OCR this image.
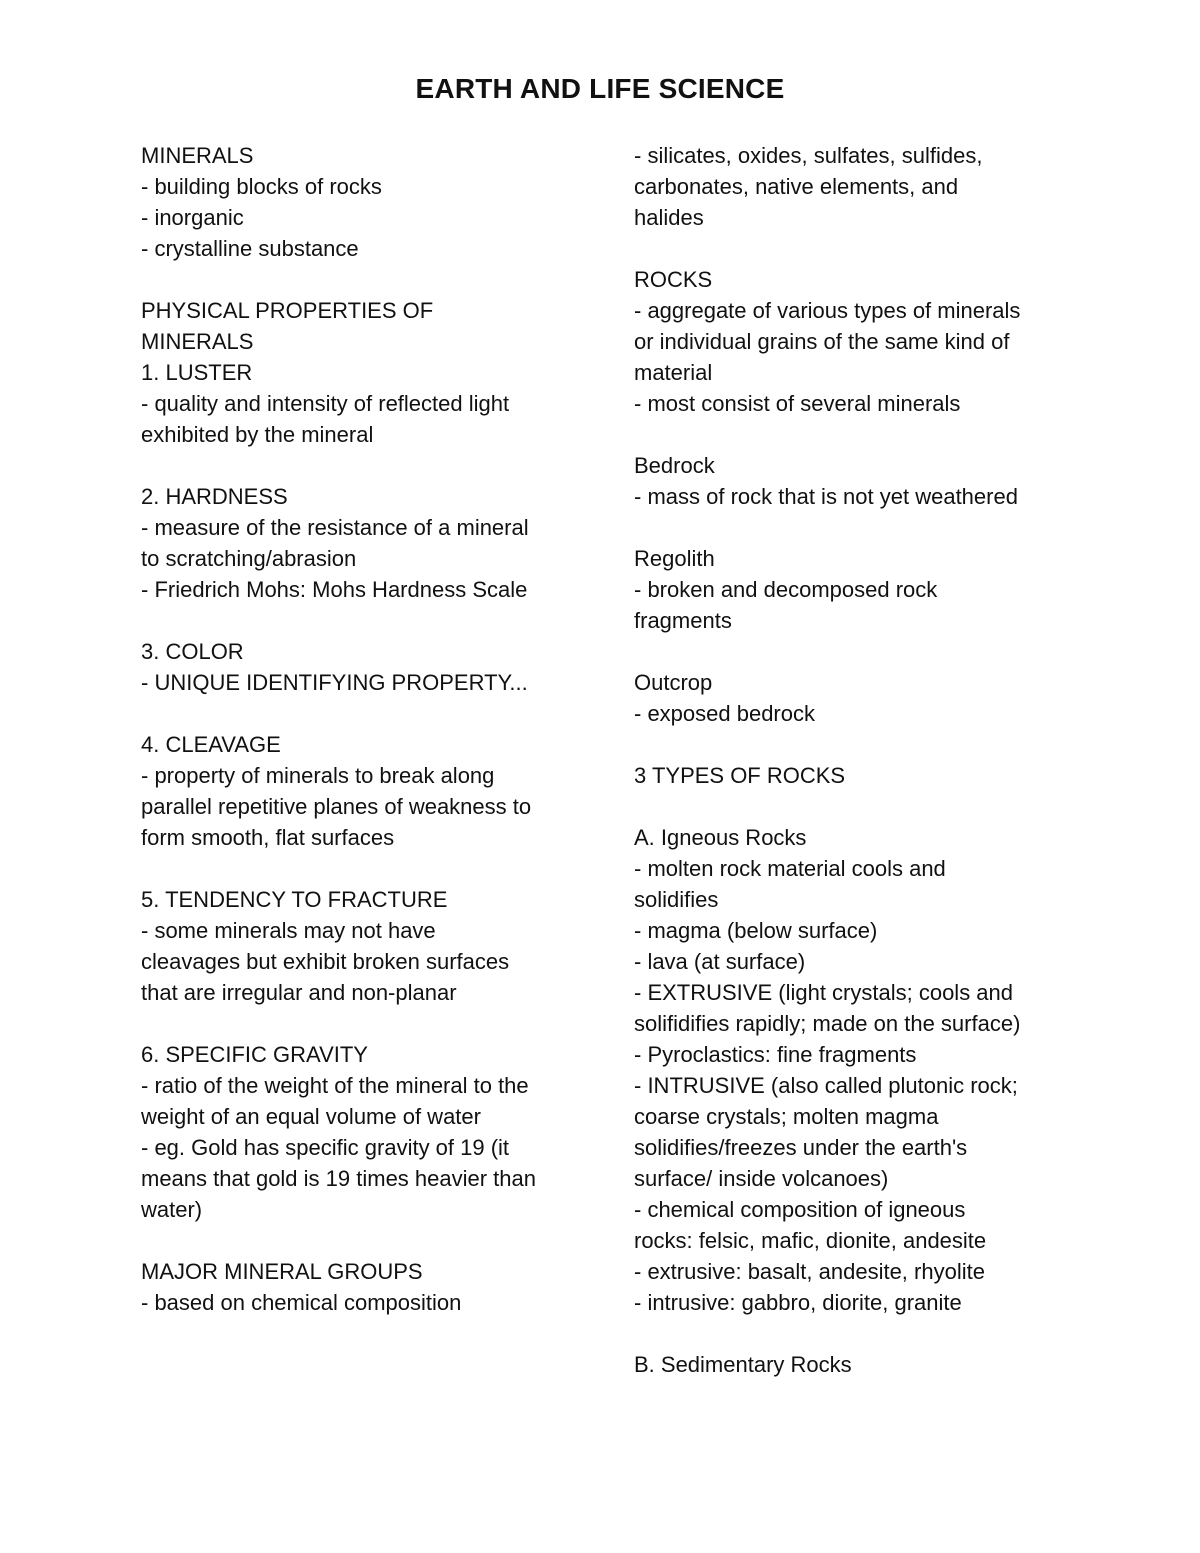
EARTH AND LIFE SCIENCE
MINERALS
- building blocks of rocks
- inorganic
- crystalline substance
PHYSICAL PROPERTIES OF
MINERALS
1. LUSTER
- quality and intensity of reflected light
exhibited by the mineral
2. HARDNESS
- measure of the resistance of a mineral
to scratching/abrasion
- Friedrich Mohs: Mohs Hardness Scale
3. COLOR
- UNIQUE IDENTIFYING PROPERTY...
4. CLEAVAGE
- property of minerals to break along
parallel repetitive planes of weakness to
form smooth, flat surfaces
5. TENDENCY TO FRACTURE
- some minerals may not have
cleavages but exhibit broken surfaces
that are irregular and non-planar
6. SPECIFIC GRAVITY
- ratio of the weight of the mineral to the
weight of an equal volume of water
- eg. Gold has specific gravity of 19 (it
means that gold is 19 times heavier than
water)
MAJOR MINERAL GROUPS
- based on chemical composition
- silicates, oxides, sulfates, sulfides,
carbonates, native elements, and
halides
ROCKS
- aggregate of various types of minerals
or individual grains of the same kind of
material
- most consist of several minerals
Bedrock
- mass of rock that is not yet weathered
Regolith
- broken and decomposed rock
fragments
Outcrop
- exposed bedrock
3 TYPES OF ROCKS
A. Igneous Rocks
- molten rock material cools and
solidifies
- magma (below surface)
- lava (at surface)
- EXTRUSIVE (light crystals; cools and
solifidifies rapidly; made on the surface)
- Pyroclastics: fine fragments
- INTRUSIVE (also called plutonic rock;
coarse crystals; molten magma
solidifies/freezes under the earth's
surface/ inside volcanoes)
- chemical composition of igneous
rocks: felsic, mafic, dionite, andesite
- extrusive: basalt, andesite, rhyolite
- intrusive: gabbro, diorite, granite
B. Sedimentary Rocks
